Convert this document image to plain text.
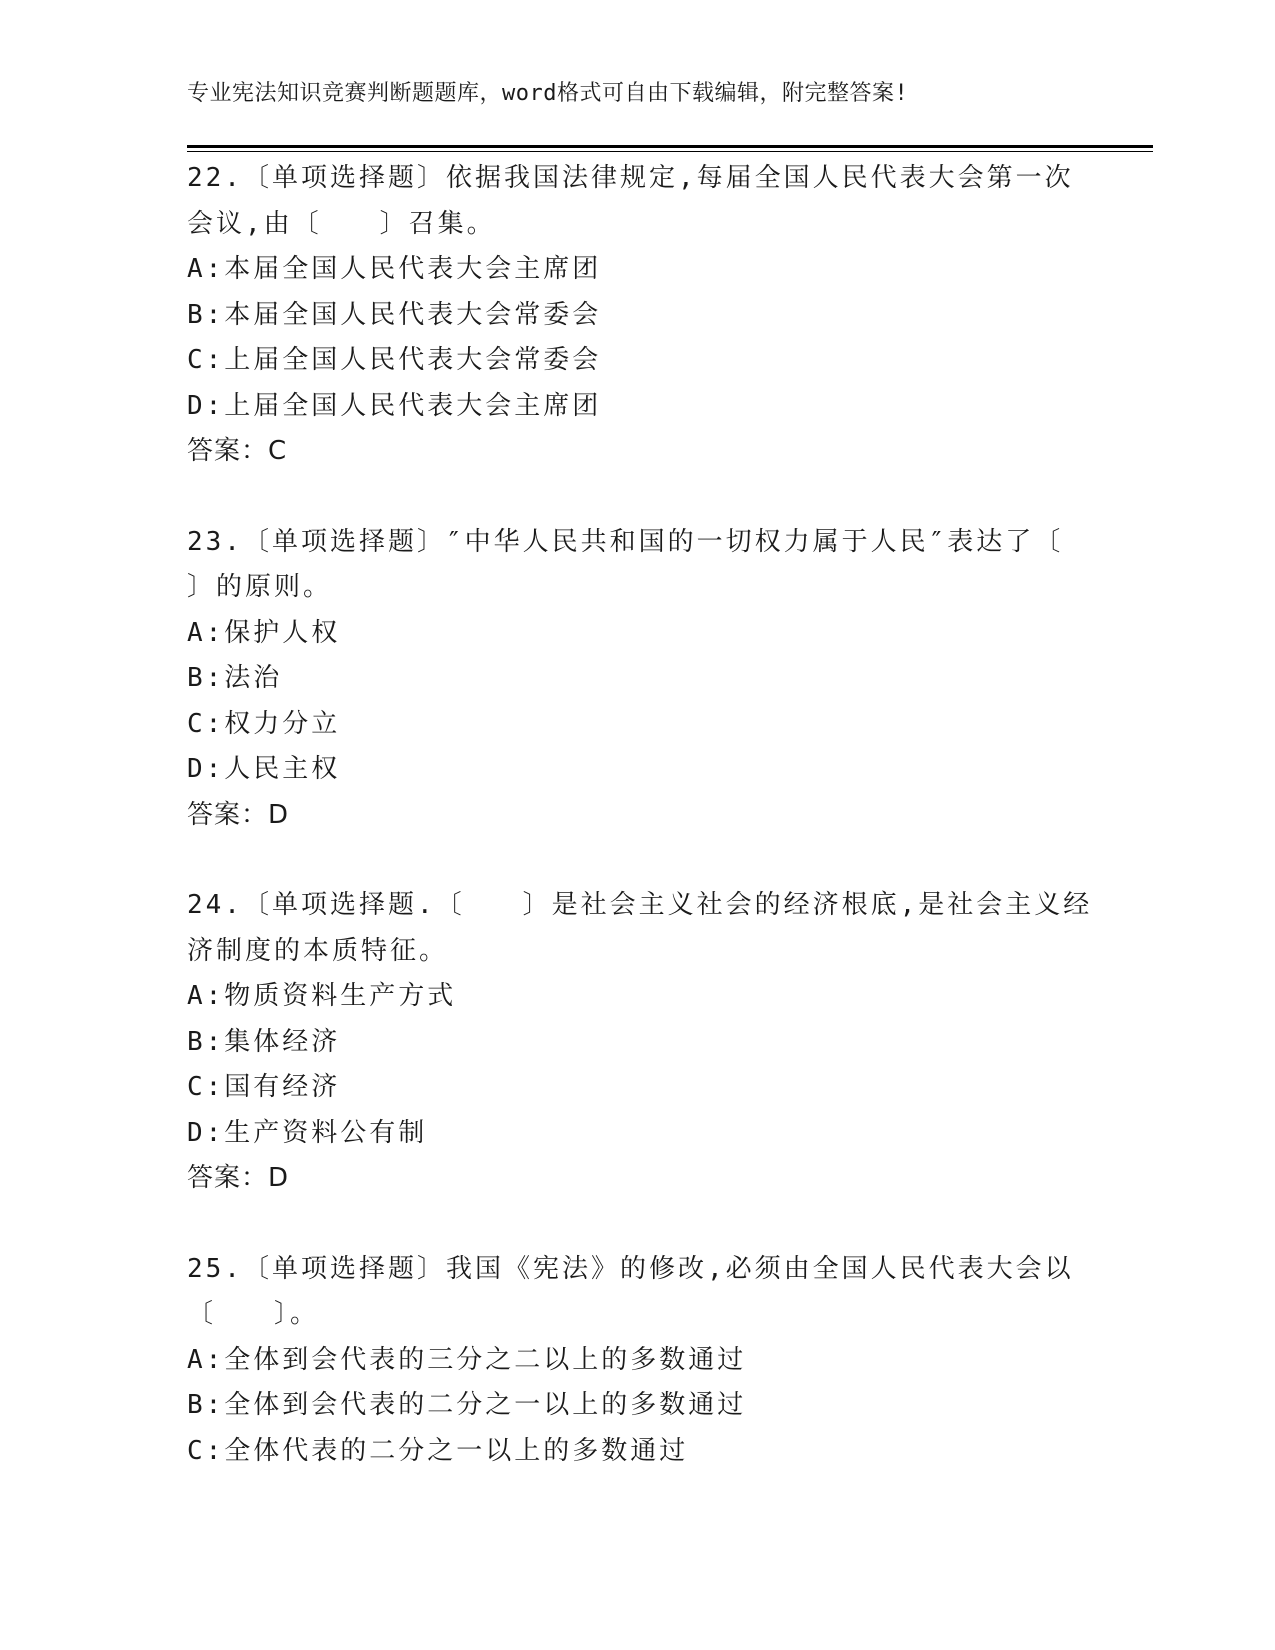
专业宪法知识竞赛判断题题库，word格式可自由下载编辑，附完整答案!
22.〔单项选择题〕依据我国法律规定,每届全国人民代表大会第一次
会议,由〔　　〕召集。
A:本届全国人民代表大会主席团
B:本届全国人民代表大会常委会
C:上届全国人民代表大会常委会
D:上届全国人民代表大会主席团
答案：C
23.〔单项选择题〕″中华人民共和国的一切权力属于人民″表达了〔
〕的原则。
A:保护人权
B:法治
C:权力分立
D:人民主权
答案：D
24.〔单项选择题.〔　　〕是社会主义社会的经济根底,是社会主义经
济制度的本质特征。
A:物质资料生产方式
B:集体经济
C:国有经济
D:生产资料公有制
答案：D
25.〔单项选择题〕我国《宪法》的修改,必须由全国人民代表大会以
〔　　〕。
A:全体到会代表的三分之二以上的多数通过
B:全体到会代表的二分之一以上的多数通过
C:全体代表的二分之一以上的多数通过
